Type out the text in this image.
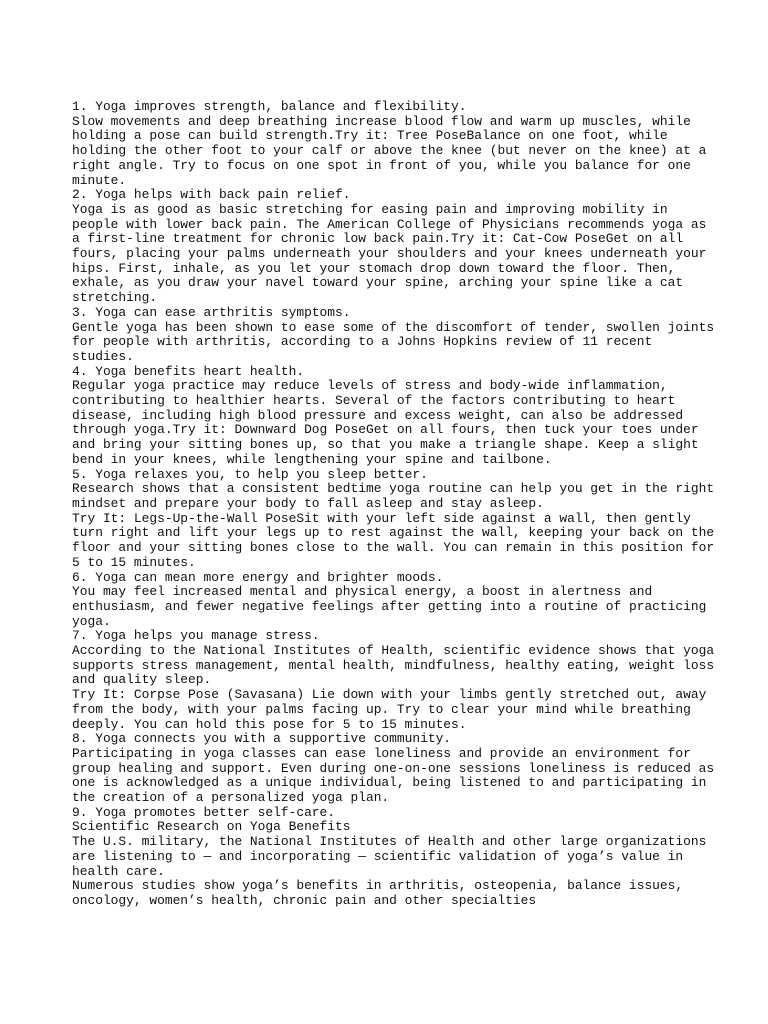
1. Yoga improves strength, balance and flexibility.
Slow movements and deep breathing increase blood flow and warm up muscles, while
holding a pose can build strength.Try it: Tree PoseBalance on one foot, while
holding the other foot to your calf or above the knee (but never on the knee) at a
right angle. Try to focus on one spot in front of you, while you balance for one
minute.
2. Yoga helps with back pain relief.
Yoga is as good as basic stretching for easing pain and improving mobility in
people with lower back pain. The American College of Physicians recommends yoga as
a first-line treatment for chronic low back pain.Try it: Cat-Cow PoseGet on all
fours, placing your palms underneath your shoulders and your knees underneath your
hips. First, inhale, as you let your stomach drop down toward the floor. Then,
exhale, as you draw your navel toward your spine, arching your spine like a cat
stretching.
3. Yoga can ease arthritis symptoms.
Gentle yoga has been shown to ease some of the discomfort of tender, swollen joints
for people with arthritis, according to a Johns Hopkins review of 11 recent
studies.
4. Yoga benefits heart health.
Regular yoga practice may reduce levels of stress and body-wide inflammation,
contributing to healthier hearts. Several of the factors contributing to heart
disease, including high blood pressure and excess weight, can also be addressed
through yoga.Try it: Downward Dog PoseGet on all fours, then tuck your toes under
and bring your sitting bones up, so that you make a triangle shape. Keep a slight
bend in your knees, while lengthening your spine and tailbone.
5. Yoga relaxes you, to help you sleep better.
Research shows that a consistent bedtime yoga routine can help you get in the right
mindset and prepare your body to fall asleep and stay asleep.
Try It: Legs-Up-the-Wall PoseSit with your left side against a wall, then gently
turn right and lift your legs up to rest against the wall, keeping your back on the
floor and your sitting bones close to the wall. You can remain in this position for
5 to 15 minutes.
6. Yoga can mean more energy and brighter moods.
You may feel increased mental and physical energy, a boost in alertness and
enthusiasm, and fewer negative feelings after getting into a routine of practicing
yoga.
7. Yoga helps you manage stress.
According to the National Institutes of Health, scientific evidence shows that yoga
supports stress management, mental health, mindfulness, healthy eating, weight loss
and quality sleep.
Try It: Corpse Pose (Savasana) Lie down with your limbs gently stretched out, away
from the body, with your palms facing up. Try to clear your mind while breathing
deeply. You can hold this pose for 5 to 15 minutes.
8. Yoga connects you with a supportive community.
Participating in yoga classes can ease loneliness and provide an environment for
group healing and support. Even during one-on-one sessions loneliness is reduced as
one is acknowledged as a unique individual, being listened to and participating in
the creation of a personalized yoga plan.
9. Yoga promotes better self-care.
Scientific Research on Yoga Benefits
The U.S. military, the National Institutes of Health and other large organizations
are listening to — and incorporating — scientific validation of yoga’s value in
health care.
Numerous studies show yoga’s benefits in arthritis, osteopenia, balance issues,
oncology, women’s health, chronic pain and other specialties
